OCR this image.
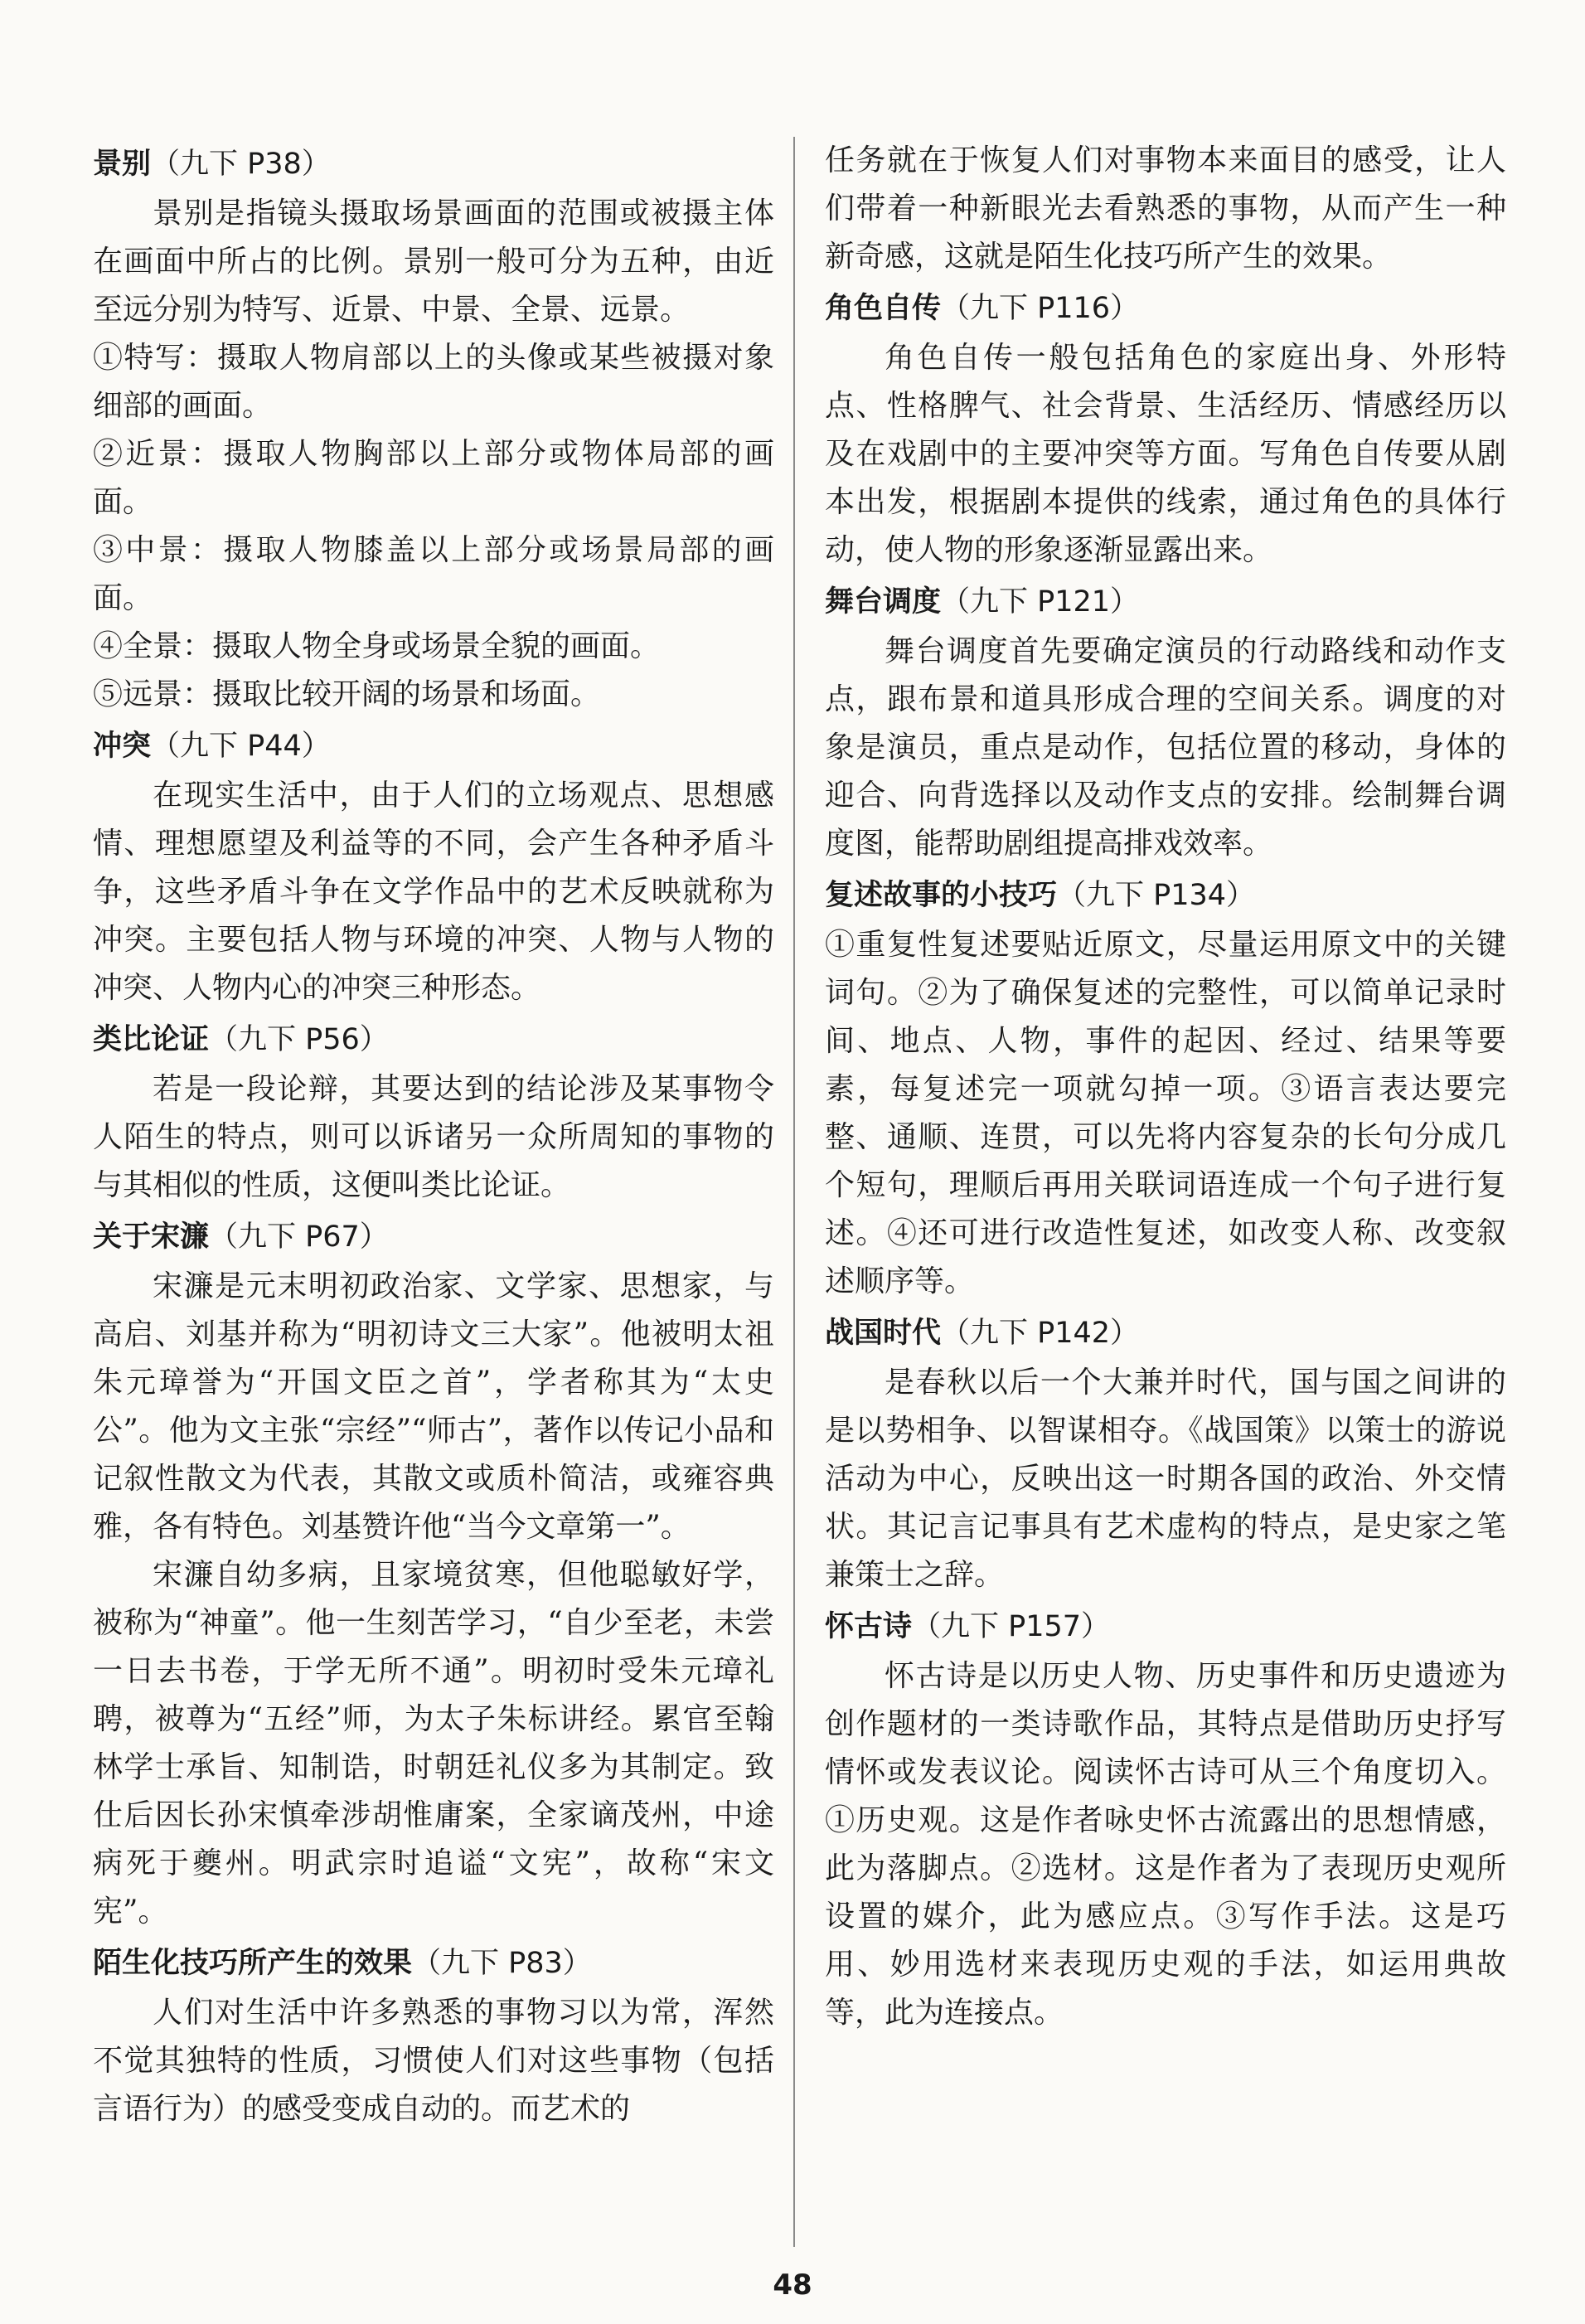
景别（九下 P38）

景别是指镜头摄取场景画面的范围或被摄主体在画面中所占的比例。景别一般可分为五种，由近至远分别为特写、近景、中景、全景、远景。

①特写：摄取人物肩部以上的头像或某些被摄对象细部的画面。

②近景：摄取人物胸部以上部分或物体局部的画面。

③中景：摄取人物膝盖以上部分或场景局部的画面。

④全景：摄取人物全身或场景全貌的画面。

⑤远景：摄取比较开阔的场景和场面。

冲突（九下 P44）

在现实生活中，由于人们的立场观点、思想感情、理想愿望及利益等的不同，会产生各种矛盾斗争，这些矛盾斗争在文学作品中的艺术反映就称为冲突。主要包括人物与环境的冲突、人物与人物的冲突、人物内心的冲突三种形态。

类比论证（九下 P56）

若是一段论辩，其要达到的结论涉及某事物令人陌生的特点，则可以诉诸另一众所周知的事物的与其相似的性质，这便叫类比论证。

关于宋濂（九下 P67）

宋濂是元末明初政治家、文学家、思想家，与高启、刘基并称为“明初诗文三大家”。他被明太祖朱元璋誉为“开国文臣之首”，学者称其为“太史公”。他为文主张“宗经”“师古”，著作以传记小品和记叙性散文为代表，其散文或质朴简洁，或雍容典雅，各有特色。刘基赞许他“当今文章第一”。

宋濂自幼多病，且家境贫寒，但他聪敏好学，被称为“神童”。他一生刻苦学习，“自少至老，未尝一日去书卷，于学无所不通”。明初时受朱元璋礼聘，被尊为“五经”师，为太子朱标讲经。累官至翰林学士承旨、知制诰，时朝廷礼仪多为其制定。致仕后因长孙宋慎牵涉胡惟庸案，全家谪茂州，中途病死于夔州。明武宗时追谥“文宪”，故称“宋文宪”。

陌生化技巧所产生的效果（九下 P83）

人们对生活中许多熟悉的事物习以为常，浑然不觉其独特的性质，习惯使人们对这些事物（包括言语行为）的感受变成自动的。而艺术的

任务就在于恢复人们对事物本来面目的感受，让人们带着一种新眼光去看熟悉的事物，从而产生一种新奇感，这就是陌生化技巧所产生的效果。

角色自传（九下 P116）

角色自传一般包括角色的家庭出身、外形特点、性格脾气、社会背景、生活经历、情感经历以及在戏剧中的主要冲突等方面。写角色自传要从剧本出发，根据剧本提供的线索，通过角色的具体行动，使人物的形象逐渐显露出来。

舞台调度（九下 P121）

舞台调度首先要确定演员的行动路线和动作支点，跟布景和道具形成合理的空间关系。调度的对象是演员，重点是动作，包括位置的移动，身体的迎合、向背选择以及动作支点的安排。绘制舞台调度图，能帮助剧组提高排戏效率。

复述故事的小技巧（九下 P134）

①重复性复述要贴近原文，尽量运用原文中的关键词句。②为了确保复述的完整性，可以简单记录时间、地点、人物，事件的起因、经过、结果等要素，每复述完一项就勾掉一项。③语言表达要完整、通顺、连贯，可以先将内容复杂的长句分成几个短句，理顺后再用关联词语连成一个句子进行复述。④还可进行改造性复述，如改变人称、改变叙述顺序等。

战国时代（九下 P142）

是春秋以后一个大兼并时代，国与国之间讲的是以势相争、以智谋相夺。《战国策》以策士的游说活动为中心，反映出这一时期各国的政治、外交情状。其记言记事具有艺术虚构的特点，是史家之笔兼策士之辞。

怀古诗（九下 P157）

怀古诗是以历史人物、历史事件和历史遗迹为创作题材的一类诗歌作品，其特点是借助历史抒写情怀或发表议论。阅读怀古诗可从三个角度切入。①历史观。这是作者咏史怀古流露出的思想情感，此为落脚点。②选材。这是作者为了表现历史观所设置的媒介，此为感应点。③写作手法。这是巧用、妙用选材来表现历史观的手法，如运用典故等，此为连接点。

48
